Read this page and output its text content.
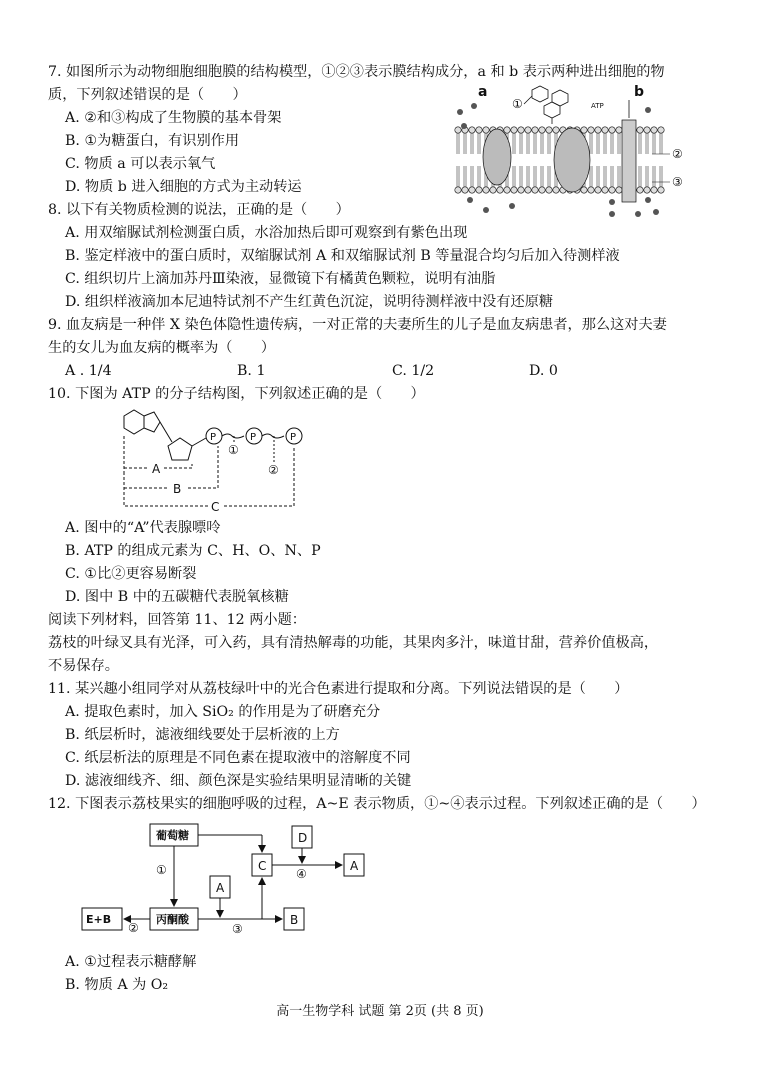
7. 如图所示为动物细胞细胞膜的结构模型，①②③表示膜结构成分，a 和 b 表示两种进出细胞的物
质，下列叙述错误的是（　　）
A. ②和③构成了生物膜的基本骨架
B. ①为糖蛋白，有识别作用
C. 物质 a 可以表示氧气
D. 物质 b 进入细胞的方式为主动转运
a	b
①
②
③
ATP
8. 以下有关物质检测的说法，正确的是（　　）
A. 用双缩脲试剂检测蛋白质，水浴加热后即可观察到有紫色出现
B. 鉴定样液中的蛋白质时，双缩脲试剂 A 和双缩脲试剂 B 等量混合均匀后加入待测样液
C. 组织切片上滴加苏丹Ⅲ染液，显微镜下有橘黄色颗粒，说明有油脂
D. 组织样液滴加本尼迪特试剂不产生红黄色沉淀，说明待测样液中没有还原糖
9. 血友病是一种伴 X 染色体隐性遗传病，一对正常的夫妻所生的儿子是血友病患者，那么这对夫妻
生的女儿为血友病的概率为（　　）
A . 1/4	B. 1	C. 1/2	D. 0
10. 下图为 ATP 的分子结构图，下列叙述正确的是（　　）
P	P	P
①
②
A
B
C
A. 图中的“A”代表腺嘌呤
B. ATP 的组成元素为 C、H、O、N、P
C. ①比②更容易断裂
D. 图中 B 中的五碳糖代表脱氧核糖
阅读下列材料，回答第 11、12 两小题：
荔枝的叶绿叉具有光泽，可入药，具有清热解毒的功能，其果肉多汁，味道甘甜，营养价值极高，
不易保存。
11. 某兴趣小组同学对从荔枝绿叶中的光合色素进行提取和分离。下列说法错误的是（　　）
A. 提取色素时，加入 SiO₂ 的作用是为了研磨充分
B. 纸层析时，滤液细线要处于层析液的上方
C. 纸层析法的原理是不同色素在提取液中的溶解度不同
D. 滤液细线齐、细、颜色深是实验结果明显清晰的关键
12. 下图表示荔枝果实的细胞呼吸的过程，A~E 表示物质，①~④表示过程。下列叙述正确的是（　　）
葡萄糖
丙酮酸
E+B
C
D
A
A
B
①
②	③
④
A. ①过程表示糖酵解
B. 物质 A 为 O₂
高一生物学科 试题 第 2页 (共 8 页)
